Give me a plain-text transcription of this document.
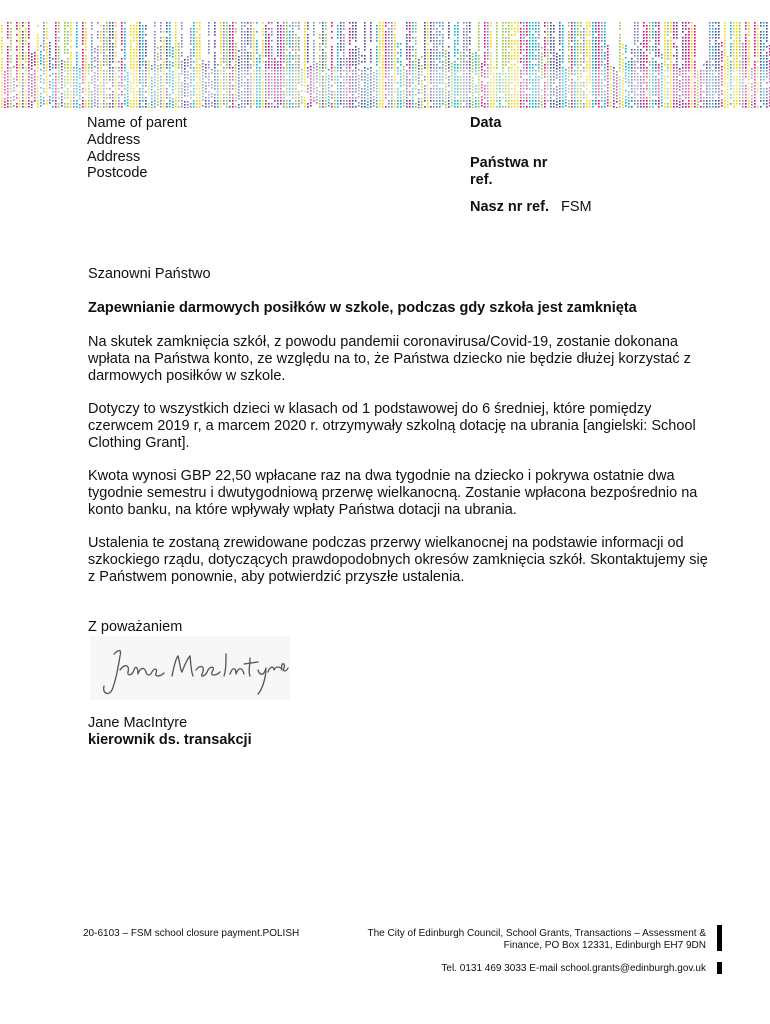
Name of parent
Address
Address
Postcode
Data
Państwa nr ref.
Nasz nr ref. FSM
Szanowni Państwo
Zapewnianie darmowych posiłków w szkole, podczas gdy szkoła jest zamknięta
Na skutek zamknięcia szkół, z powodu pandemii coronavirusa/Covid-19, zostanie dokonana wpłata na Państwa konto, ze względu na to, że Państwa dziecko nie będzie dłużej korzystać z darmowych posiłków w szkole.
Dotyczy to wszystkich dzieci w klasach od 1 podstawowej do 6 średniej, które pomiędzy czerwcem 2019 r, a marcem 2020 r. otrzymywały szkolną dotację na ubrania [angielski: School Clothing Grant].
Kwota wynosi GBP 22,50 wpłacane raz na dwa tygodnie na dziecko i pokrywa ostatnie dwa tygodnie semestru i dwutygodniową przerwę wielkanocną. Zostanie wpłacona bezpośrednio na konto banku, na które wpływały wpłaty Państwa dotacji na ubrania.
Ustalenia te zostaną zrewidowane podczas przerwy wielkanocnej na podstawie informacji od szkockiego rządu, dotyczących prawdopodobnych okresów zamknięcia szkół. Skontaktujemy się z Państwem ponownie, aby potwierdzić przyszłe ustalenia.
Z poważaniem
Jane MacIntyre
kierownik ds. transakcji
20-6103 – FSM school closure payment.POLISH	The City of Edinburgh Council, School Grants, Transactions – Assessment & Finance, PO Box 12331, Edinburgh EH7 9DN
Tel. 0131 469 3033 E-mail school.grants@edinburgh.gov.uk
